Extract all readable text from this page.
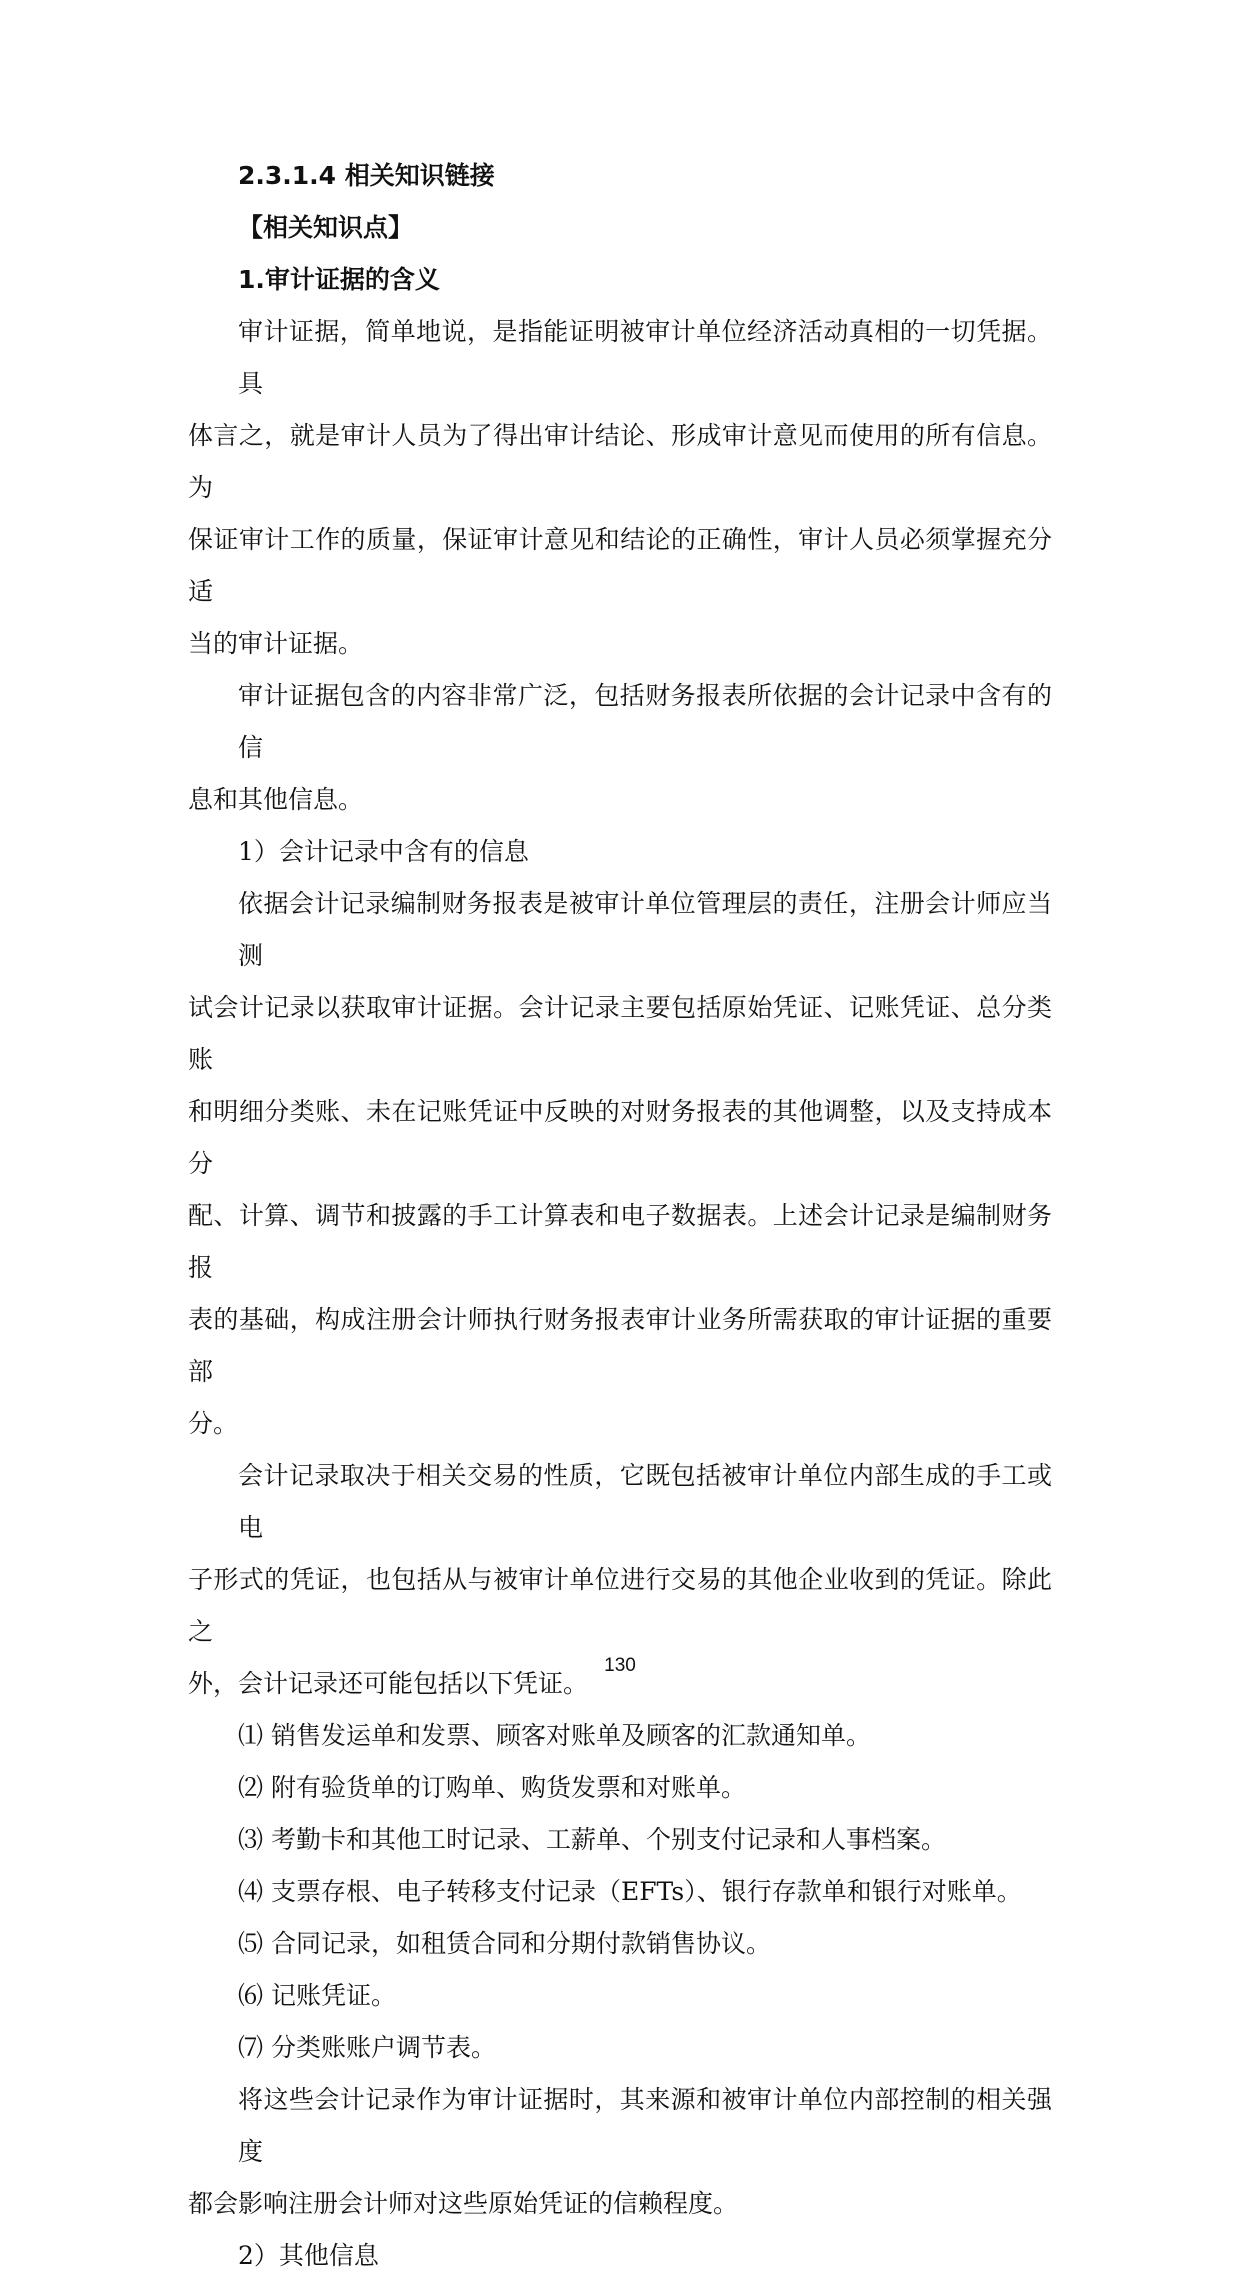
2.3.1.4 相关知识链接

【相关知识点】

1.审计证据的含义

审计证据，简单地说，是指能证明被审计单位经济活动真相的一切凭据。具

体言之，就是审计人员为了得出审计结论、形成审计意见而使用的所有信息。为

保证审计工作的质量，保证审计意见和结论的正确性，审计人员必须掌握充分适

当的审计证据。

审计证据包含的内容非常广泛，包括财务报表所依据的会计记录中含有的信

息和其他信息。

1）会计记录中含有的信息

依据会计记录编制财务报表是被审计单位管理层的责任，注册会计师应当测

试会计记录以获取审计证据。会计记录主要包括原始凭证、记账凭证、总分类账

和明细分类账、未在记账凭证中反映的对财务报表的其他调整，以及支持成本分

配、计算、调节和披露的手工计算表和电子数据表。上述会计记录是编制财务报

表的基础，构成注册会计师执行财务报表审计业务所需获取的审计证据的重要部

分。

会计记录取决于相关交易的性质，它既包括被审计单位内部生成的手工或电

子形式的凭证，也包括从与被审计单位进行交易的其他企业收到的凭证。除此之

外，会计记录还可能包括以下凭证。

⑴ 销售发运单和发票、顾客对账单及顾客的汇款通知单。

⑵ 附有验货单的订购单、购货发票和对账单。

⑶ 考勤卡和其他工时记录、工薪单、个别支付记录和人事档案。

⑷ 支票存根、电子转移支付记录（EFTs）、银行存款单和银行对账单。

⑸ 合同记录，如租赁合同和分期付款销售协议。

⑹ 记账凭证。

⑺ 分类账账户调节表。

将这些会计记录作为审计证据时，其来源和被审计单位内部控制的相关强度

都会影响注册会计师对这些原始凭证的信赖程度。

2）其他信息

130
